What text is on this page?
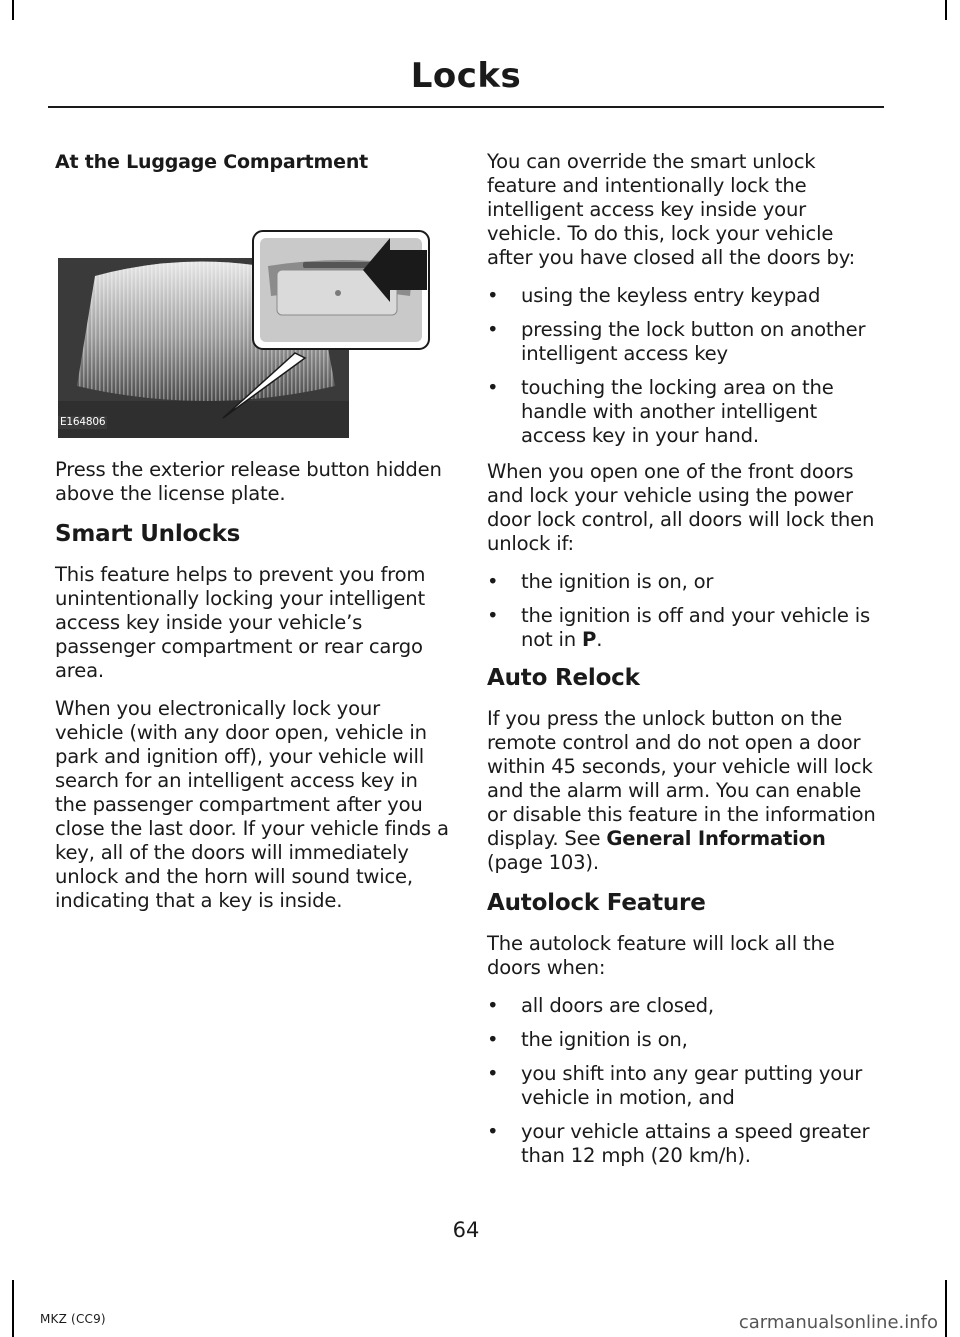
Locks
At the Luggage Compartment
E164806

Press the exterior release button hidden above the license plate.

Smart Unlocks

This feature helps to prevent you from unintentionally locking your intelligent access key inside your vehicle’s passenger compartment or rear cargo area.

When you electronically lock your vehicle (with any door open, vehicle in park and ignition off), your vehicle will search for an intelligent access key in the passenger compartment after you close the last door. If your vehicle finds a key, all of the doors will immediately unlock and the horn will sound twice, indicating that a key is inside.

You can override the smart unlock feature and intentionally lock the intelligent access key inside your vehicle. To do this, lock your vehicle after you have closed all the doors by:

• using the keyless entry keypad
• pressing the lock button on another intelligent access key
• touching the locking area on the handle with another intelligent access key in your hand.

When you open one of the front doors and lock your vehicle using the power door lock control, all doors will lock then unlock if:

• the ignition is on, or
• the ignition is off and your vehicle is not in P.
Auto Relock

If you press the unlock button on the remote control and do not open a door within 45 seconds, your vehicle will lock and the alarm will arm. You can enable or disable this feature in the information display. See General Information (page 103).

Autolock Feature

The autolock feature will lock all the doors when:

• all doors are closed,
• the ignition is on,
• you shift into any gear putting your vehicle in motion, and
• your vehicle attains a speed greater than 12 mph (20 km/h).
64
MKZ (CC9)	carmanualsonline.info
